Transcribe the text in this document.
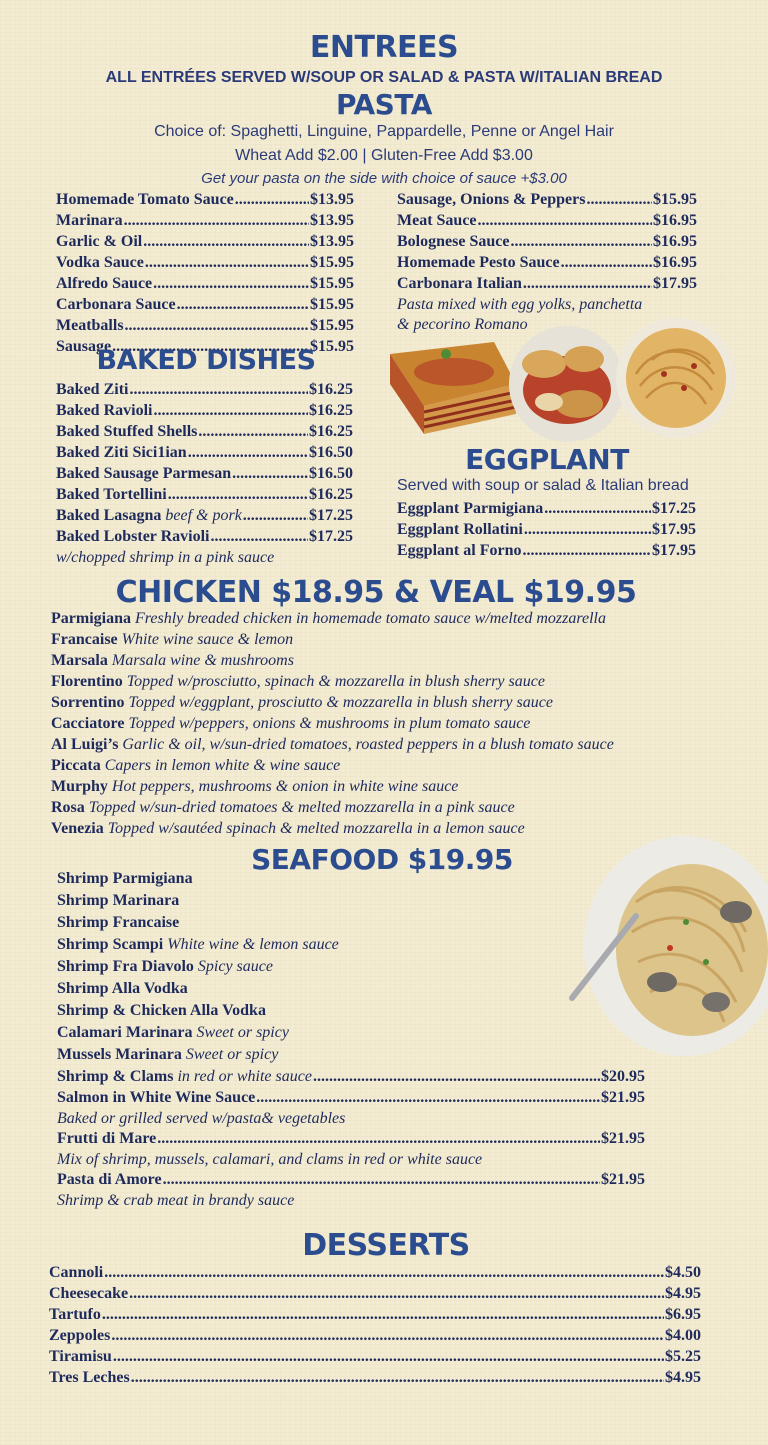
ENTREES
ALL ENTRÉES SERVED W/SOUP OR SALAD & PASTA W/ITALIAN BREAD
PASTA
Choice of: Spaghetti, Linguine, Pappardelle, Penne or Angel Hair
Wheat Add $2.00 | Gluten-Free Add $3.00
Get your pasta on the side with choice of sauce +$3.00
Homemade Tomato Sauce .....	$13.95
Marinara .....	$13.95
Garlic & Oil .....	$13.95
Vodka Sauce .....	$15.95
Alfredo Sauce .....	$15.95
Carbonara Sauce .....	$15.95
Meatballs .....	$15.95
Sausage .....	$15.95
Sausage, Onions & Peppers .....	$15.95
Meat Sauce .....	$16.95
Bolognese Sauce .....	$16.95
Homemade Pesto Sauce .....	$16.95
Carbonara Italian .....	$17.95
Pasta mixed with egg yolks, panchetta
& pecorino Romano
BAKED DISHES
Baked Ziti .....	$16.25
Baked Ravioli .....	$16.25
Baked Stuffed Shells .....	$16.25
Baked Ziti Sici1ian .....	$16.50
Baked Sausage Parmesan .....	$16.50
Baked Tortellini .....	$16.25
Baked Lasagna beef & pork .....	$17.25
Baked Lobster Ravioli .....	$17.25
w/chopped shrimp in a pink sauce
EGGPLANT
Served with soup or salad & Italian bread
Eggplant Parmigiana .....	$17.25
Eggplant Rollatini .....	$17.95
Eggplant al Forno .....	$17.95
CHICKEN $18.95 & VEAL $19.95
Parmigiana Freshly breaded chicken in homemade tomato sauce w/melted mozzarella
Francaise White wine sauce & lemon
Marsala Marsala wine & mushrooms
Florentino Topped w/prosciutto, spinach & mozzarella in blush sherry sauce
Sorrentino Topped w/eggplant, prosciutto & mozzarella in blush sherry sauce
Cacciatore Topped w/peppers, onions & mushrooms in plum tomato sauce
Al Luigi’s Garlic & oil, w/sun-dried tomatoes, roasted peppers in a blush tomato sauce
Piccata Capers in lemon white & wine sauce
Murphy Hot peppers, mushrooms & onion in white wine sauce
Rosa Topped w/sun-dried tomatoes & melted mozzarella in a pink sauce
Venezia Topped w/sautéed spinach & melted mozzarella in a lemon sauce
SEAFOOD $19.95
Shrimp Parmigiana
Shrimp Marinara
Shrimp Francaise
Shrimp Scampi White wine & lemon sauce
Shrimp Fra Diavolo Spicy sauce
Shrimp Alla Vodka
Shrimp & Chicken Alla Vodka
Calamari Marinara Sweet or spicy
Mussels Marinara Sweet or spicy
Shrimp & Clams in red or white sauce .....	$20.95
Salmon in White Wine Sauce .....	$21.95
Baked or grilled served w/pasta& vegetables
Frutti di Mare .....	$21.95
Mix of shrimp, mussels, calamari, and clams in red or white sauce
Pasta di Amore .....	$21.95
Shrimp & crab meat in brandy sauce
DESSERTS
Cannoli .....	$4.50
Cheesecake .....	$4.95
Tartufo .....	$6.95
Zeppoles .....	$4.00
Tiramisu .....	$5.25
Tres Leches .....	$4.95
